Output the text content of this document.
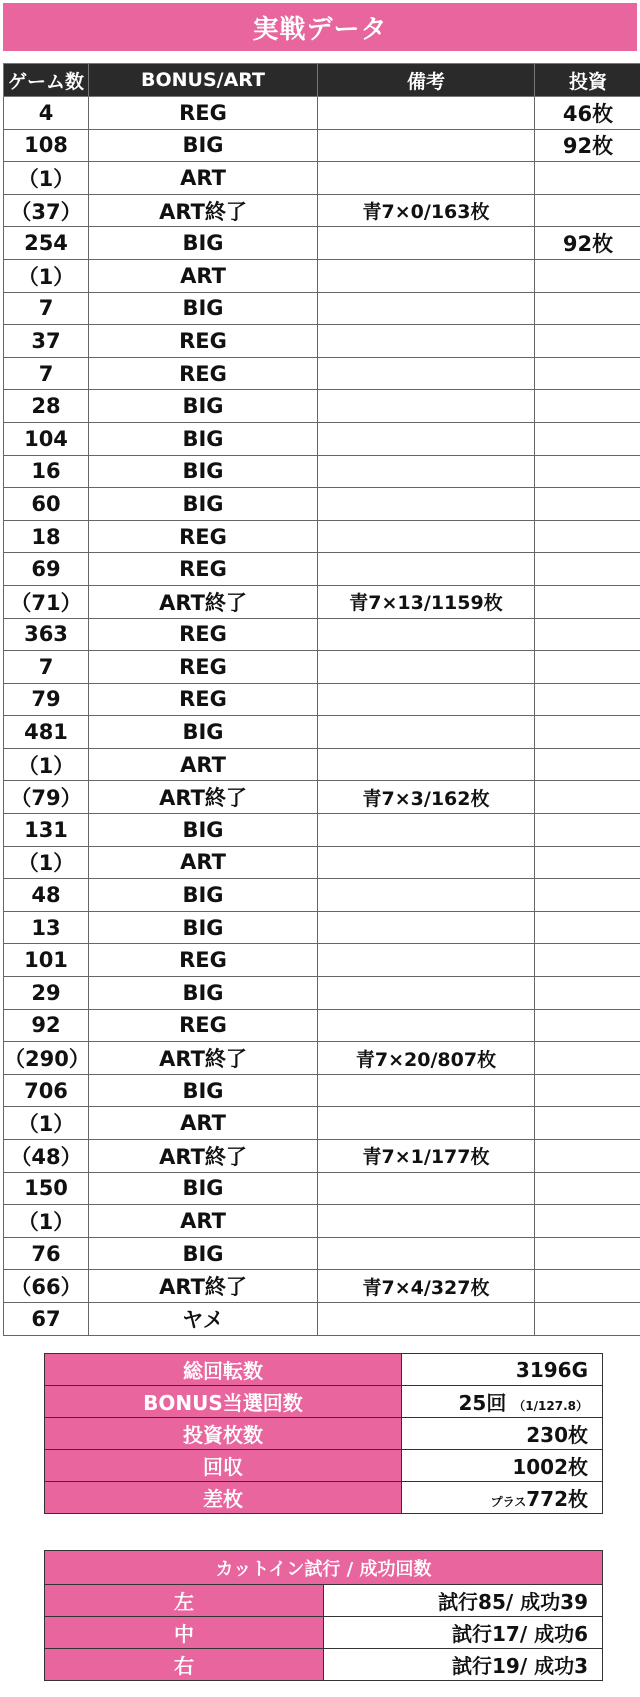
実戦データ
ゲーム数	BONUS/ART	備考	投資
4	REG		46枚
108	BIG		92枚
（1）	ART		
（37）	ART終了	青7×0/163枚	
254	BIG		92枚
（1）	ART		
7	BIG		
37	REG		
7	REG		
28	BIG		
104	BIG		
16	BIG		
60	BIG		
18	REG		
69	REG		
（71）	ART終了	青7×13/1159枚	
363	REG		
7	REG		
79	REG		
481	BIG		
（1）	ART		
（79）	ART終了	青7×3/162枚	
131	BIG		
（1）	ART		
48	BIG		
13	BIG		
101	REG		
29	BIG		
92	REG		
（290）	ART終了	青7×20/807枚	
706	BIG		
（1）	ART		
（48）	ART終了	青7×1/177枚	
150	BIG		
（1）	ART		
76	BIG		
（66）	ART終了	青7×4/327枚	
67	ヤメ		
総回転数	3196G
BONUS当選回数	25回 （1/127.8）
投資枚数	230枚
回収	1002枚
差枚	プラス772枚
カットイン試行 / 成功回数	
左	試行85/ 成功39
中	試行17/ 成功6
右	試行19/ 成功3
